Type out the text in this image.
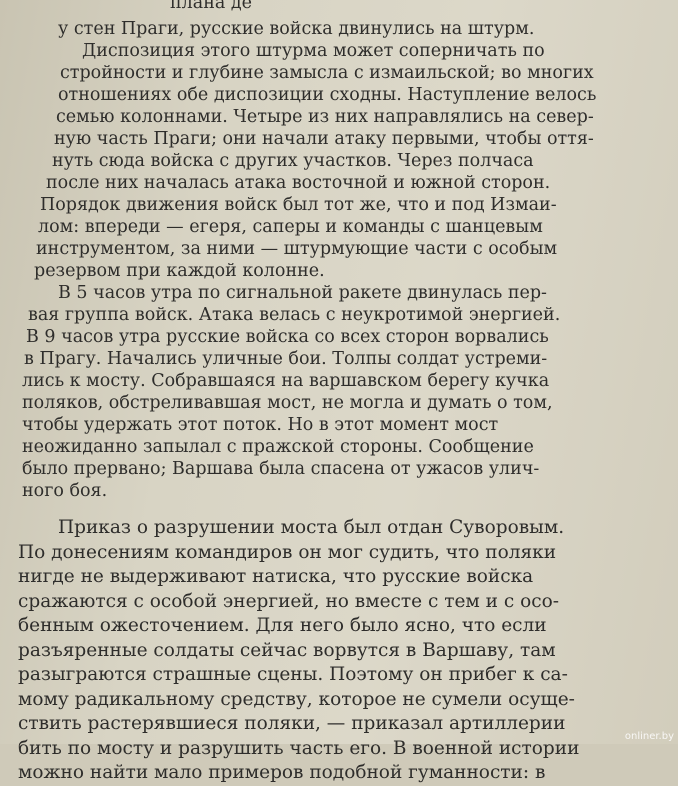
плана де
у стен Праги, русские войска двинулись на штурм.
Диспозиция этого штурма может соперничать по
стройности и глубине замысла с измаильской; во многих
отношениях обе диспозиции сходны. Наступление велось
семью колоннами. Четыре из них направлялись на север-
ную часть Праги; они начали атаку первыми, чтобы оття-
нуть сюда войска с других участков. Через полчаса
после них началась атака восточной и южной сторон.
Порядок движения войск был тот же, что и под Измаи-
лом: впереди — егеря, саперы и команды с шанцевым
инструментом, за ними — штурмующие части с особым
резервом при каждой колонне.
В 5 часов утра по сигнальной ракете двинулась пер-
вая группа войск. Атака велась с неукротимой энергией.
В 9 часов утра русские войска со всех сторон ворвались
в Прагу. Начались уличные бои. Толпы солдат устреми-
лись к мосту. Собравшаяся на варшавском берегу кучка
поляков, обстреливавшая мост, не могла и думать о том,
чтобы удержать этот поток. Но в этот момент мост
неожиданно запылал с пражской стороны. Сообщение
было прервано; Варшава была спасена от ужасов улич-
ного боя.
Приказ о разрушении моста был отдан Суворовым.
По донесениям командиров он мог судить, что поляки
нигде не выдерживают натиска, что русские войска
сражаются с особой энергией, но вместе с тем и с осо-
бенным ожесточением. Для него было ясно, что если
разъяренные солдаты сейчас ворвутся в Варшаву, там
разыграются страшные сцены. Поэтому он прибег к са-
мому радикальному средству, которое не сумели осуще-
ствить растерявшиеся поляки, — приказал артиллерии
бить по мосту и разрушить часть его. В военной истории
можно найти мало примеров подобной гуманности: в
onliner.by
